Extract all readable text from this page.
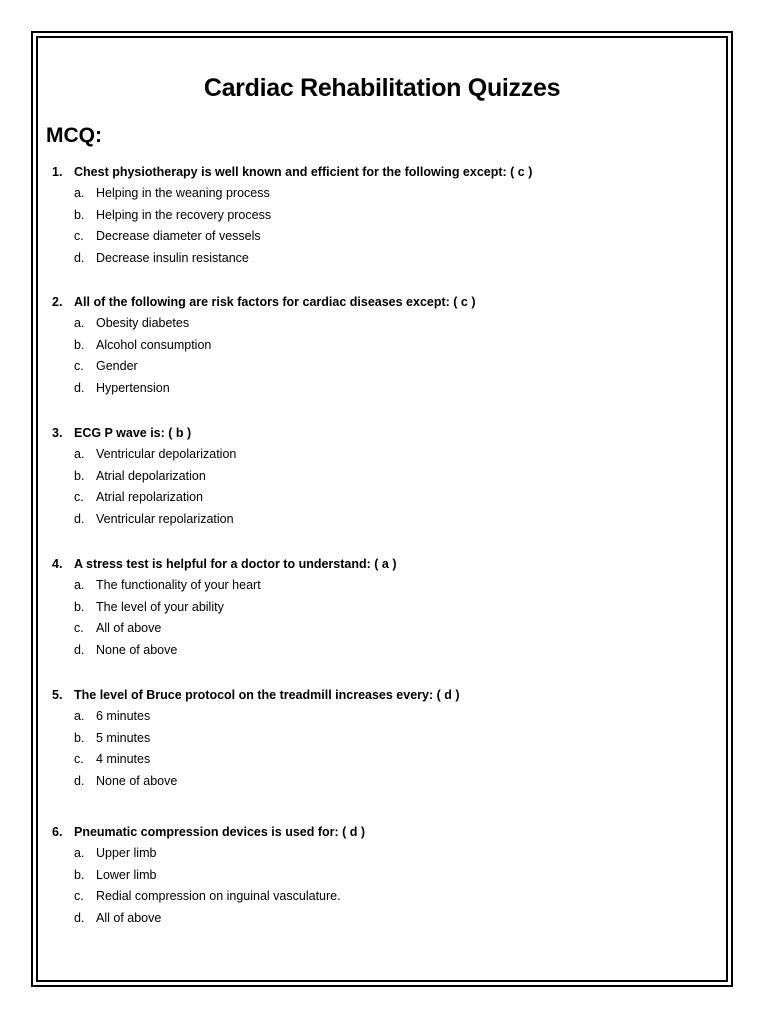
Cardiac Rehabilitation Quizzes
MCQ:
1. Chest physiotherapy is well known and efficient for the following except: ( c )
a. Helping in the weaning process
b. Helping in the recovery process
c. Decrease diameter of vessels
d. Decrease insulin resistance
2. All of the following are risk factors for cardiac diseases except: ( c )
a. Obesity diabetes
b. Alcohol consumption
c. Gender
d. Hypertension
3. ECG P wave is: ( b )
a. Ventricular depolarization
b. Atrial depolarization
c. Atrial repolarization
d. Ventricular repolarization
4. A stress test is helpful for a doctor to understand: ( a )
a. The functionality of your heart
b. The level of your ability
c. All of above
d. None of above
5. The level of Bruce protocol on the treadmill increases every: ( d )
a. 6 minutes
b. 5 minutes
c. 4 minutes
d. None of above
6. Pneumatic compression devices is used for: ( d )
a. Upper limb
b. Lower limb
c. Redial compression on inguinal vasculature.
d. All of above
